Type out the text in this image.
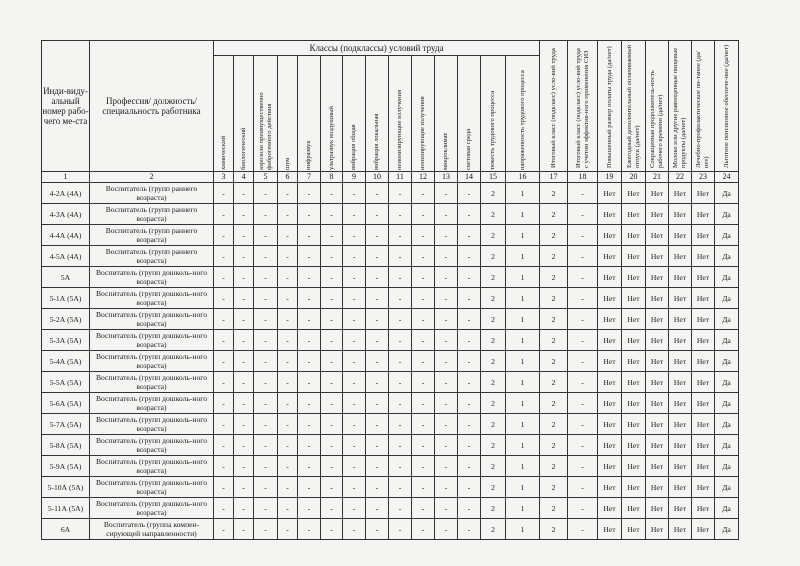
Инди-виду-альный номер рабо-чего ме-ста	Профессия/ должность/ специальность работника	Классы (подклассы) условий труда														Итоговый класс (подкласс) усло-вий труда	Итоговый класс (подкласс) усло-вий труда с учетом эффектив-ного применения СИЗ	Повышенный размер оплаты труда (да/нет)	Ежегодный дополнительный оплачиваемый отпуск (да/нет)	Сокращенная продолжитель-ность рабочего времени (да/нет)	Молоко или другие равноценные пищевые продукты (да/нет)	Лечебно-профилактическое пи-тание (да/нет)	Льготное пенсионное обеспече-ние (да/нет)

		химический	биологический	аэрозоли преимущественно фиброгенного действия	шум	инфразвук	ультразвук воздушный	вибрация общая	вибрация локальная	неионизирующие излучения	ионизирующие излучения	микроклимат	световая среда	тяжесть трудового процесса	напряженность трудового процесса								

1	2	3	4	5	6	7	8	9	10	11	12	13	14	15	16	17	18	19	20	21	22	23	24
4-2А (4А)	Воспитатель (групп раннего возраста)	-	-	-	-	-	-	-	-	-	-	-	-	2	1	2	-	Нет	Нет	Нет	Нет	Нет	Да
4-3А (4А)	Воспитатель (групп раннего возраста)	-	-	-	-	-	-	-	-	-	-	-	-	2	1	2	-	Нет	Нет	Нет	Нет	Нет	Да
4-4А (4А)	Воспитатель (групп раннего возраста)	-	-	-	-	-	-	-	-	-	-	-	-	2	1	2	-	Нет	Нет	Нет	Нет	Нет	Да
4-5А (4А)	Воспитатель (групп раннего возраста)	-	-	-	-	-	-	-	-	-	-	-	-	2	1	2	-	Нет	Нет	Нет	Нет	Нет	Да
5А	Воспитатель (групп дошколь-ного возраста)	-	-	-	-	-	-	-	-	-	-	-	-	2	1	2	-	Нет	Нет	Нет	Нет	Нет	Да
5-1А (5А)	Воспитатель (групп дошколь-ного возраста)	-	-	-	-	-	-	-	-	-	-	-	-	2	1	2	-	Нет	Нет	Нет	Нет	Нет	Да
5-2А (5А)	Воспитатель (групп дошколь-ного возраста)	-	-	-	-	-	-	-	-	-	-	-	-	2	1	2	-	Нет	Нет	Нет	Нет	Нет	Да
5-3А (5А)	Воспитатель (групп дошколь-ного возраста)	-	-	-	-	-	-	-	-	-	-	-	-	2	1	2	-	Нет	Нет	Нет	Нет	Нет	Да
5-4А (5А)	Воспитатель (групп дошколь-ного возраста)	-	-	-	-	-	-	-	-	-	-	-	-	2	1	2	-	Нет	Нет	Нет	Нет	Нет	Да
5-5А (5А)	Воспитатель (групп дошколь-ного возраста)	-	-	-	-	-	-	-	-	-	-	-	-	2	1	2	-	Нет	Нет	Нет	Нет	Нет	Да
5-6А (5А)	Воспитатель (групп дошколь-ного возраста)	-	-	-	-	-	-	-	-	-	-	-	-	2	1	2	-	Нет	Нет	Нет	Нет	Нет	Да
5-7А (5А)	Воспитатель (групп дошколь-ного возраста)	-	-	-	-	-	-	-	-	-	-	-	-	2	1	2	-	Нет	Нет	Нет	Нет	Нет	Да
5-8А (5А)	Воспитатель (групп дошколь-ного возраста)	-	-	-	-	-	-	-	-	-	-	-	-	2	1	2	-	Нет	Нет	Нет	Нет	Нет	Да
5-9А (5А)	Воспитатель (групп дошколь-ного возраста)	-	-	-	-	-	-	-	-	-	-	-	-	2	1	2	-	Нет	Нет	Нет	Нет	Нет	Да
5-10А (5А)	Воспитатель (групп дошколь-ного возраста)	-	-	-	-	-	-	-	-	-	-	-	-	2	1	2	-	Нет	Нет	Нет	Нет	Нет	Да
5-11А (5А)	Воспитатель (групп дошколь-ного возраста)	-	-	-	-	-	-	-	-	-	-	-	-	2	1	2	-	Нет	Нет	Нет	Нет	Нет	Да
6А	Воспитатель (группа компен-сирующей направленности)	-	-	-	-	-	-	-	-	-	-	-	-	2	1	2	-	Нет	Нет	Нет	Нет	Нет	Да
